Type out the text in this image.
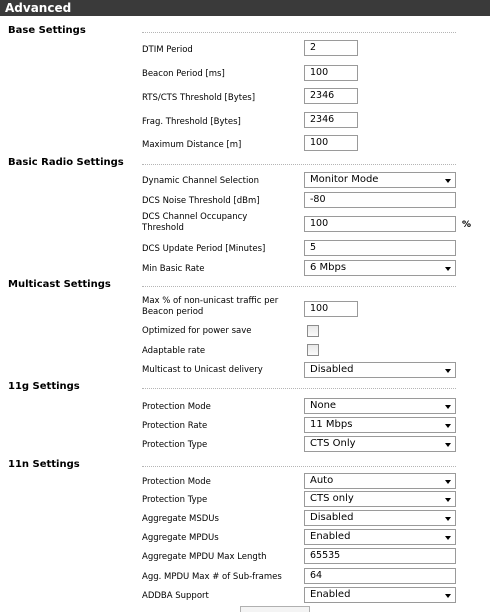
Advanced
Base Settings
DTIM Period	2
Beacon Period [ms]	100
RTS/CTS Threshold [Bytes]	2346
Frag. Threshold [Bytes]	2346
Maximum Distance [m]	100
Basic Radio Settings
Dynamic Channel Selection	Monitor Mode
DCS Noise Threshold [dBm]	-80
DCS Channel Occupancy
Threshold	100	%
DCS Update Period [Minutes]	5
Min Basic Rate	6 Mbps
Multicast Settings
Max % of non-unicast traffic per
Beacon period	100
Optimized for power save
Adaptable rate
Multicast to Unicast delivery	Disabled
11g Settings
Protection Mode	None
Protection Rate	11 Mbps
Protection Type	CTS Only
11n Settings
Protection Mode	Auto
Protection Type	CTS only
Aggregate MSDUs	Disabled
Aggregate MPDUs	Enabled
Aggregate MPDU Max Length	65535
Agg. MPDU Max # of Sub-frames	64
ADDBA Support	Enabled
